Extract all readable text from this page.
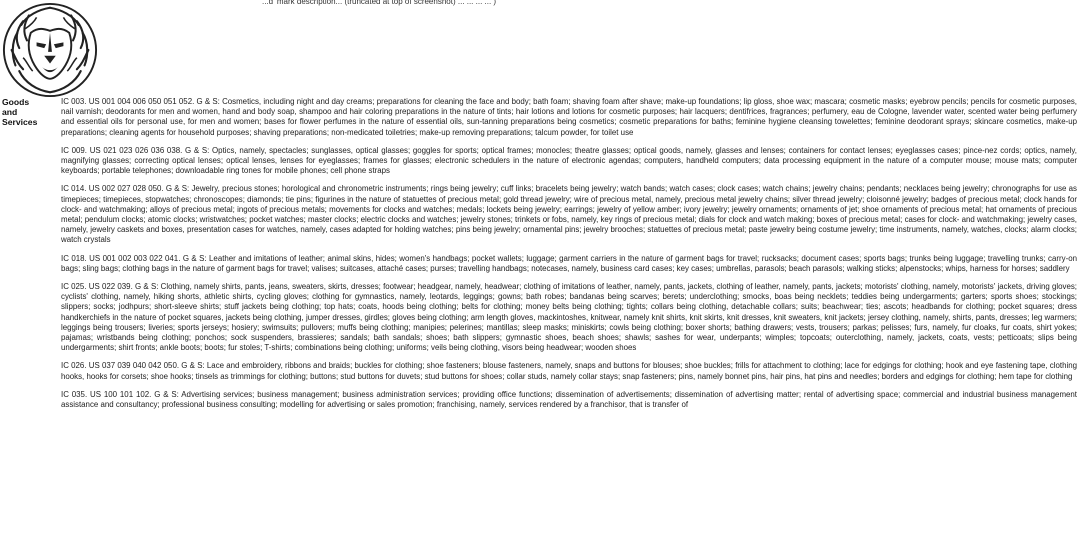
...d' mark description... (truncated at top of screenshot) ... ... ... ... )
Goods and
Services

IC 003. US 001 004 006 050 051 052. G & S: Cosmetics, including night and day creams; preparations for cleaning the face and body; bath foam; shaving foam after shave; make-up foundations; lip gloss, shoe wax; mascara; cosmetic masks; eyebrow pencils; pencils for cosmetic purposes, nail varnish; deodorants for men and women, hand and body soap, shampoo and hair coloring preparations in the nature of tints; hair lotions and lotions for cosmetic purposes; hair lacquers; dentifrices, fragrances; perfumery, eau de Cologne, lavender water, scented water being perfumery and essential oils for personal use, for men and women; bases for flower perfumes in the nature of essential oils, sun-tanning preparations being cosmetics; cosmetic preparations for baths; feminine hygiene cleansing towelettes; feminine deodorant sprays; skincare cosmetics, make-up preparations; cleaning agents for household purposes; shaving preparations; non-medicated toiletries; make-up removing preparations; talcum powder, for toilet use

IC 009. US 021 023 026 036 038. G & S: Optics, namely, spectacles; sunglasses, optical glasses; goggles for sports; optical frames; monocles; theatre glasses; optical goods, namely, glasses and lenses; containers for contact lenses; eyeglasses cases; pince-nez cords; optics, namely, magnifying glasses; correcting optical lenses; optical lenses, lenses for eyeglasses; frames for glasses; electronic schedulers in the nature of electronic agendas; computers, handheld computers; data processing equipment in the nature of a computer mouse; mouse mats; computer keyboards; portable telephones; downloadable ring tones for mobile phones; cell phone straps

IC 014. US 002 027 028 050. G & S: Jewelry, precious stones; horological and chronometric instruments; rings being jewelry; cuff links; bracelets being jewelry; watch bands; watch cases; clock cases; watch chains; jewelry chains; pendants; necklaces being jewelry; chronographs for use as timepieces; timepieces, stopwatches; chronoscopes; diamonds; tie pins; figurines in the nature of statuettes of precious metal; gold thread jewelry; wire of precious metal, namely, precious metal jewelry chains; silver thread jewelry; cloisonné jewelry; badges of precious metal; clock hands for clock- and watchmaking; alloys of precious metal; ingots of precious metals; movements for clocks and watches; medals; lockets being jewelry; earrings; jewelry of yellow amber; ivory jewelry; jewelry ornaments; ornaments of jet; shoe ornaments of precious metal; hat ornaments of precious metal; pendulum clocks; atomic clocks; wristwatches; pocket watches; master clocks; electric clocks and watches; jewelry stones; trinkets or fobs, namely, key rings of precious metal; dials for clock and watch making; boxes of precious metal; cases for clock- and watchmaking; jewelry cases, namely, jewelry caskets and boxes, presentation cases for watches, namely, cases adapted for holding watches; pins being jewelry; ornamental pins; jewelry brooches; statuettes of precious metal; paste jewelry being costume jewelry; time instruments, namely, watches, clocks; alarm clocks; watch crystals

IC 018. US 001 002 003 022 041. G & S: Leather and imitations of leather; animal skins, hides; women's handbags; pocket wallets; luggage; garment carriers in the nature of garment bags for travel; rucksacks; document cases; sports bags; trunks being luggage; travelling trunks; carry-on bags; sling bags; clothing bags in the nature of garment bags for travel; valises; suitcases, attaché cases; purses; travelling handbags; notecases, namely, business card cases; key cases; umbrellas, parasols; beach parasols; walking sticks; alpenstocks; whips, harness for horses; saddlery

IC 025. US 022 039. G & S: Clothing, namely shirts, pants, jeans, sweaters, skirts, dresses; footwear; headgear, namely, headwear; clothing of imitations of leather, namely, pants, jackets, clothing of leather, namely, pants, jackets; motorists' clothing, namely, motorists' jackets, driving gloves; cyclists' clothing, namely, hiking shorts, athletic shirts, cycling gloves; clothing for gymnastics, namely, leotards, leggings; gowns; bath robes; bandanas being scarves; berets; underclothing; smocks, boas being necklets; teddies being undergarments; garters; sports shoes; stockings; slippers; socks; jodhpurs; short-sleeve shirts; stuff jackets being clothing; top hats; coats, hoods being clothing; belts for clothing; money belts being clothing; tights; collars being clothing, detachable collars; suits; beachwear; ties; ascots; headbands for clothing; pocket squares; dress handkerchiefs in the nature of pocket squares, jackets being clothing, jumper dresses, girdles; gloves being clothing; arm length gloves, mackintoshes, knitwear, namely knit shirts, knit skirts, knit dresses, knit sweaters, knit jackets; jersey clothing, namely, shirts, pants, dresses; leg warmers; leggings being trousers; liveries; sports jerseys; hosiery; swimsuits; pullovers; muffs being clothing; manipies; pelerines; mantillas; sleep masks; miniskirts; cowls being clothing; boxer shorts; bathing drawers; vests, trousers; parkas; pelisses; furs, namely, fur cloaks, fur coats, shirt yokes; pajamas; wristbands being clothing; ponchos; sock suspenders, brassieres; sandals; bath sandals; shoes; bath slippers; gymnastic shoes, beach shoes; shawls; sashes for wear, underpants; wimples; topcoats; outerclothing, namely, jackets, coats, vests; petticoats; slips being undergarments; shirt fronts; ankle boots; boots; fur stoles; T-shirts; combinations being clothing; uniforms; veils being clothing, visors being headwear; wooden shoes

IC 026. US 037 039 040 042 050. G & S: Lace and embroidery, ribbons and braids; buckles for clothing; shoe fasteners; blouse fasteners, namely, snaps and buttons for blouses; shoe buckles; frills for attachment to clothing; lace for edgings for clothing; hook and eye fastening tape, clothing hooks, hooks for corsets; shoe hooks; tinsels as trimmings for clothing; buttons; stud buttons for duvets; stud buttons for shoes; collar studs, namely collar stays; snap fasteners; pins, namely bonnet pins, hair pins, hat pins and needles; borders and edgings for clothing; hem tape for clothing

IC 035. US 100 101 102. G & S: Advertising services; business management; business administration services; providing office functions; dissemination of advertisements; dissemination of advertising matter; rental of advertising space; commercial and industrial business management assistance and consultancy; professional business consulting; modelling for advertising or sales promotion; franchising, namely, services rendered by a franchisor, that is transfer of
